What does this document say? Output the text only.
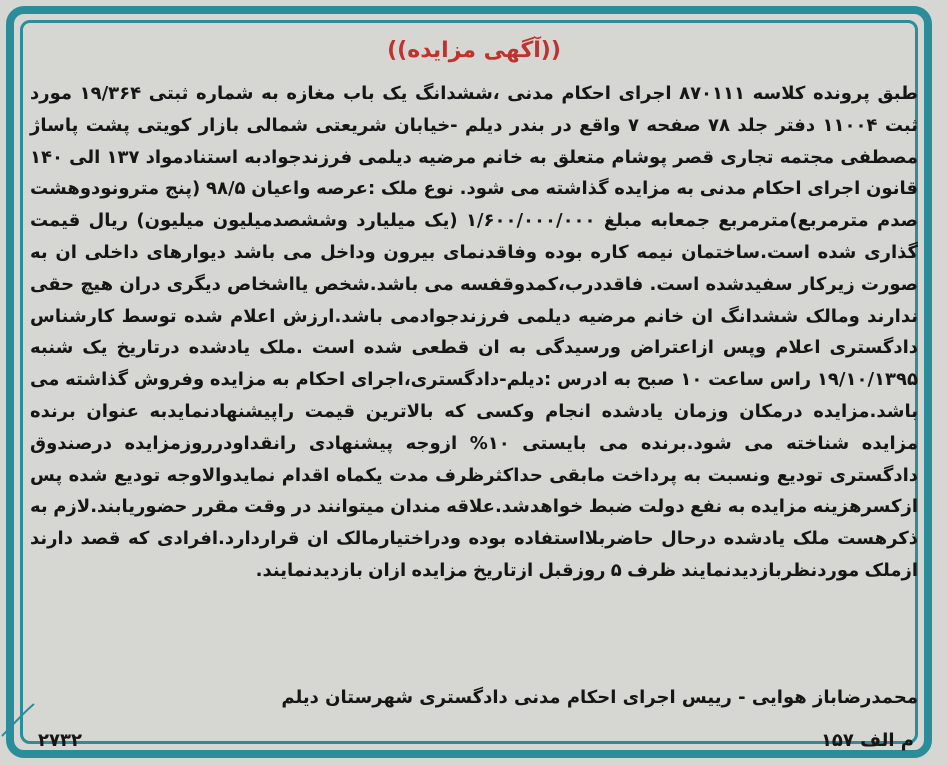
((آگهی مزایده))
طبق پرونده کلاسه ۸۷۰۱۱۱ اجرای احکام مدنی ،ششدانگ یک باب مغازه به شماره ثبتی ۱۹/۳۶۴ مورد ثبت ۱۱۰۰۴ دفتر جلد ۷۸ صفحه ۷ واقع در بندر دیلم -خیابان شریعتی شمالی بازار کویتی پشت پاساژ مصطفی مجتمه تجاری قصر پوشام متعلق به خانم مرضیه دیلمی فرزندجوادبه استنادمواد ۱۳۷ الی ۱۴۰ قانون اجرای احکام مدنی به مزایده گذاشته می شود. نوع ملک :عرصه واعیان ۹۸/۵ (پنج مترونودوهشت صدم مترمربع)مترمربع جمعابه مبلغ ۱/۶۰۰/۰۰۰/۰۰۰ (یک میلیارد وششصدمیلیون میلیون) ریال قیمت گذاری شده است.ساختمان نیمه کاره بوده وفاقدنمای بیرون وداخل می باشد دیوارهای داخلی ان به صورت زیرکار سفیدشده است. فاقددرب،کمدوقفسه می باشد.شخص یااشخاص دیگری دران هیچ حقی ندارند ومالک ششدانگ ان خانم مرضیه دیلمی فرزندجوادمی باشد.ارزش اعلام شده توسط کارشناس دادگستری اعلام وپس ازاعتراض ورسیدگی به ان قطعی شده است .ملک یادشده درتاریخ یک شنبه ۱۹/۱۰/۱۳۹۵ راس ساعت ۱۰ صبح به ادرس :دیلم-دادگستری،اجرای احکام به مزایده وفروش گذاشته می باشد.مزایده درمکان وزمان یادشده انجام وکسی که بالاترین قیمت راپیشنهادنمایدبه عنوان برنده مزایده شناخته می شود.برنده می بایستی ۱۰% ازوجه پیشنهادی رانقداودرروزمزایده درصندوق دادگستری تودیع ونسبت به پرداخت مابقی حداکثرظرف مدت یکماه اقدام نمایدوالاوجه تودیع شده پس ازکسرهزینه مزایده به نفع دولت ضبط خواهدشد.علاقه مندان میتوانند در وقت مقرر حضوریابند.لازم به ذکرهست ملک یادشده درحال حاضربلااستفاده بوده ودراختیارمالک ان قراردارد.افرادی که قصد دارند ازملک موردنظربازدیدنمایند ظرف ۵ روزقبل ازتاریخ مزایده ازان بازدیدنمایند.
محمدرضاباز هوایی - رییس اجرای احکام مدنی دادگستری شهرستان دیلم
م الف ۱۵۷
۲۷۳۲
